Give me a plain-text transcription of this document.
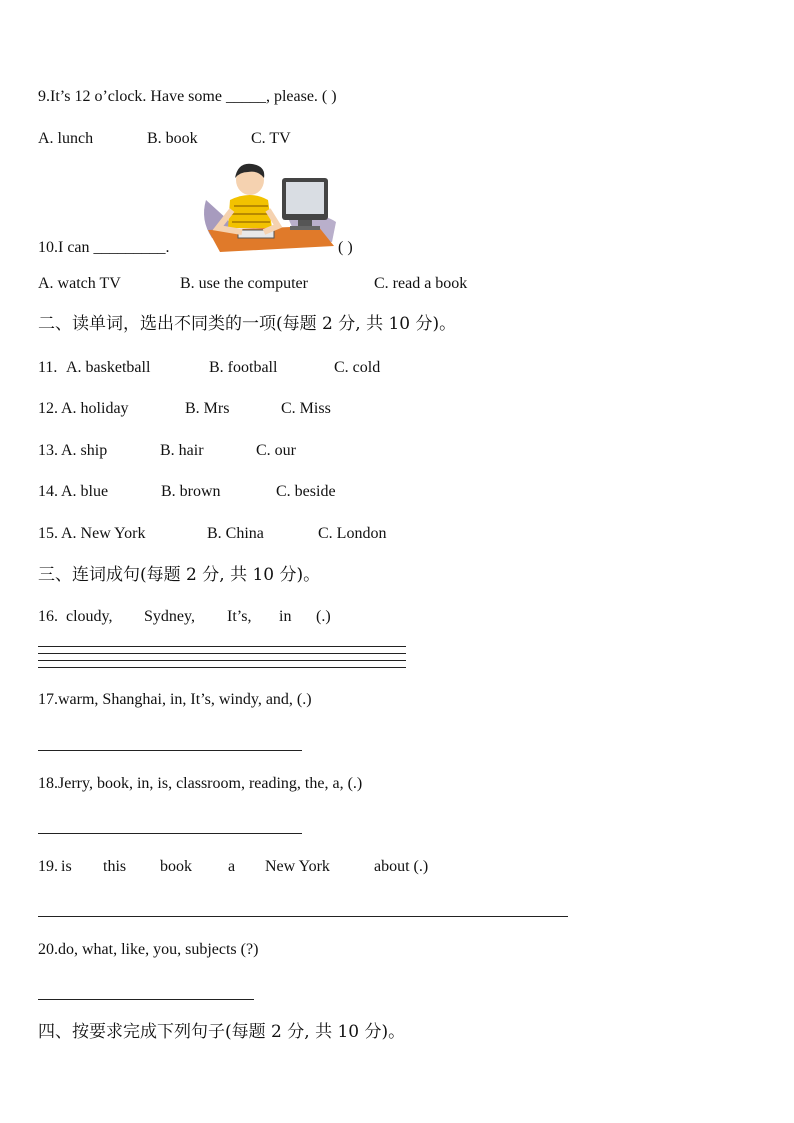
9.It’s 12 o’clock. Have some _____, please. ( )
A. lunch	B. book	C. TV
10.I can _________.	( )
A. watch TV	B. use the computer	C. read a book
二、读单词，选出不同类的一项(每题 2 分, 共 10 分)。
11. A. basketball	B. football	C. cold
12. A. holiday	B. Mrs	C. Miss
13. A. ship	B. hair	C. our
14. A. blue	B. brown	C. beside
15. A. New York	B. China	C. London
三、连词成句(每题 2 分, 共 10 分)。
16. cloudy, Sydney, It’s, in (.)
17.warm, Shanghai, in, It’s, windy, and, (.)
18.Jerry, book, in, is, classroom, reading, the, a, (.)
19. is this book a New York	about (.)
20.do, what, like, you, subjects (?)
四、按要求完成下列句子(每题 2 分, 共 10 分)。
